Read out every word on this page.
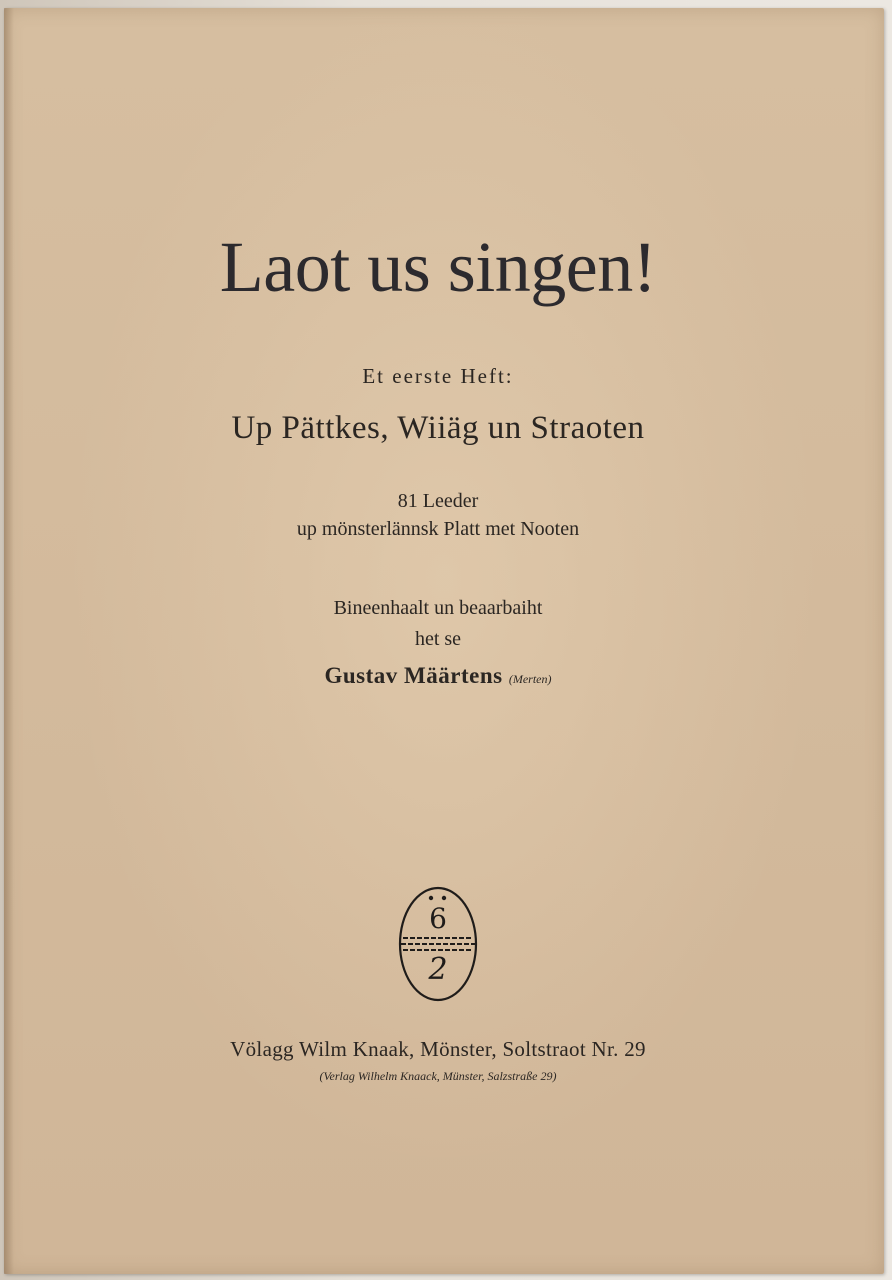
Laot us singen!
Et eerste Heft:
Up Pättkes, Wiiäg un Straoten
81 Leeder
up mönsterlännsk Platt met Nooten
Bineenhaalt un beaarbaiht
het se
Gustav Määrtens (Merten)
6
2
Völagg Wilm Knaak, Mönster, Soltstraot Nr. 29
(Verlag Wilhelm Knaack, Münster, Salzstraße 29)
